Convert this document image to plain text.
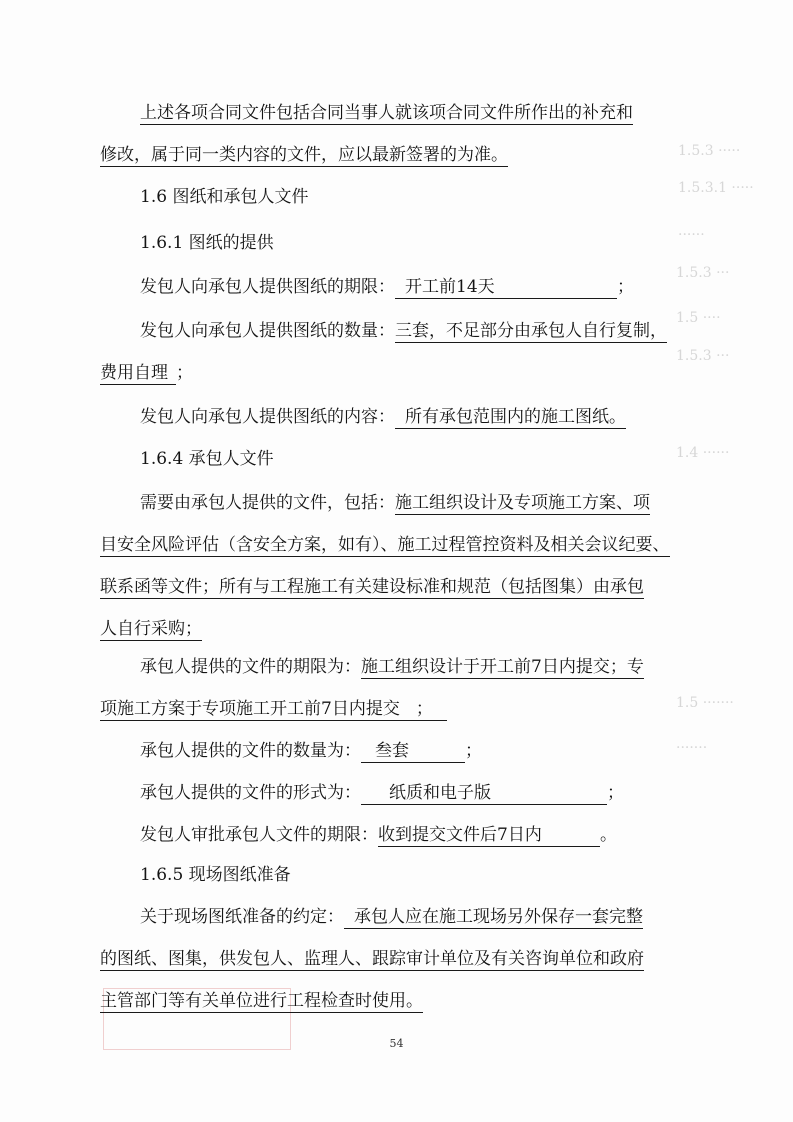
1.5.3 ·····
1.5.3.1 ·····
······
1.5.3 ···
1.5 ····
1.5.3 ···
1.4 ······
1.5 ·······
·······
上述各项合同文件包括合同当事人就该项合同文件所作出的补充和
修改，属于同一类内容的文件，应以最新签署的为准。
1.6 图纸和承包人文件
1.6.1 图纸的提供
发包人向承包人提供图纸的期限： 开工前14天	；
发包人向承包人提供图纸的数量：三套，不足部分由承包人自行复制，
费用自理 ；
发包人向承包人提供图纸的内容： 所有承包范围内的施工图纸。
1.6.4 承包人文件
需要由承包人提供的文件，包括：施工组织设计及专项施工方案、项
目安全风险评估（含安全方案，如有）、施工过程管控资料及相关会议纪要、
联系函等文件；所有与工程施工有关建设标准和规范（包括图集）由承包
人自行采购；
承包人提供的文件的期限为：施工组织设计于开工前7日内提交；专
项施工方案于专项施工开工前7日内提交 ；
承包人提供的文件的数量为： 叁套	；
承包人提供的文件的形式为： 纸质和电子版	；
发包人审批承包人文件的期限：收到提交文件后7日内	。
1.6.5 现场图纸准备
关于现场图纸准备的约定： 承包人应在施工现场另外保存一套完整
的图纸、图集，供发包人、监理人、跟踪审计单位及有关咨询单位和政府
主管部门等有关单位进行工程检查时使用。
54
